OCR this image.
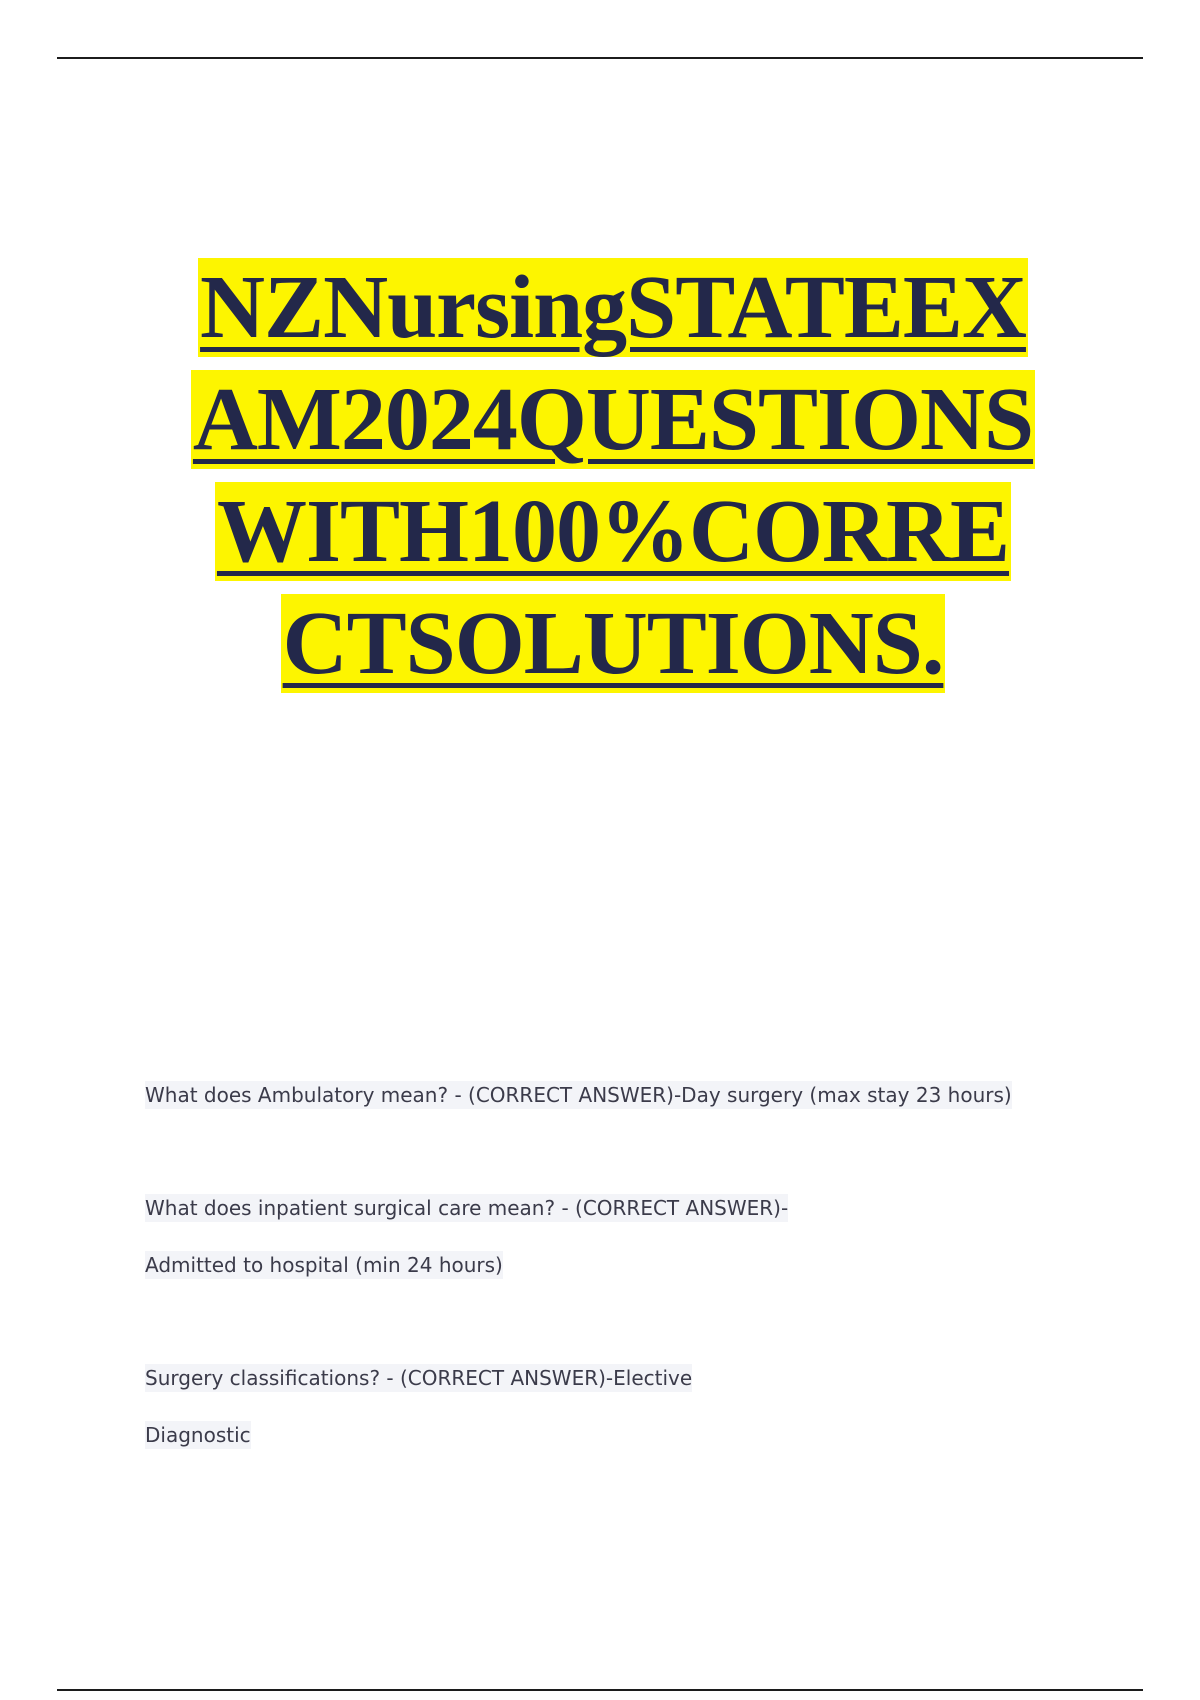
NZNursingSTATEEX
AM2024QUESTIONS
WITH100%CORRE
CTSOLUTIONS.
What does Ambulatory mean? - (CORRECT ANSWER)-Day surgery (max stay 23 hours)
What does inpatient surgical care mean? - (CORRECT ANSWER)-
Admitted to hospital (min 24 hours)
Surgery classifications? - (CORRECT ANSWER)-Elective
Diagnostic
